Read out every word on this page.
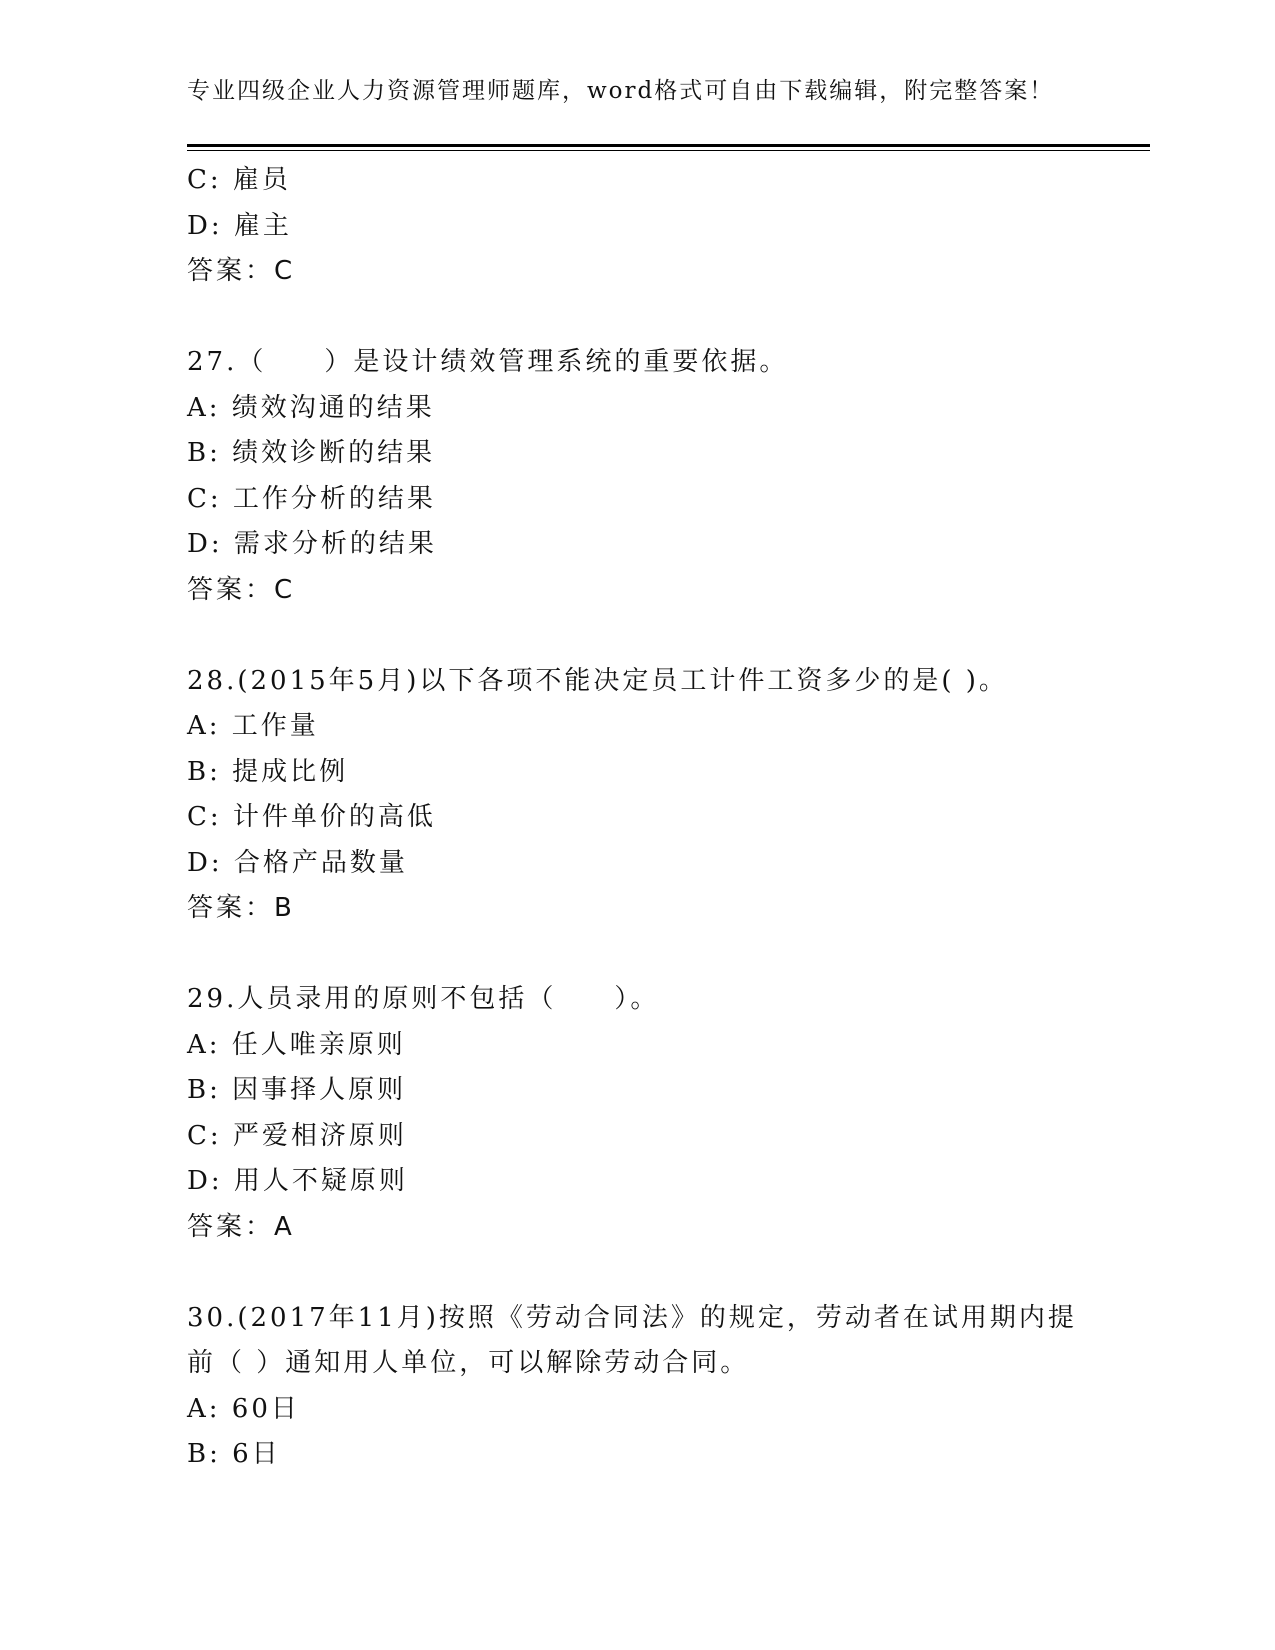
专业四级企业人力资源管理师题库，word格式可自由下载编辑，附完整答案！
C: 雇员
D: 雇主
答案：C
27.（　　）是设计绩效管理系统的重要依据。
A: 绩效沟通的结果
B: 绩效诊断的结果
C: 工作分析的结果
D: 需求分析的结果
答案：C
28.(2015年5月)以下各项不能决定员工计件工资多少的是( )。
A: 工作量
B: 提成比例
C: 计件单价的高低
D: 合格产品数量
答案：B
29.人员录用的原则不包括（　　）。
A: 任人唯亲原则
B: 因事择人原则
C: 严爱相济原则
D: 用人不疑原则
答案：A
30.(2017年11月)按照《劳动合同法》的规定，劳动者在试用期内提
前（ ）通知用人单位，可以解除劳动合同。
A: 60日
B: 6日
